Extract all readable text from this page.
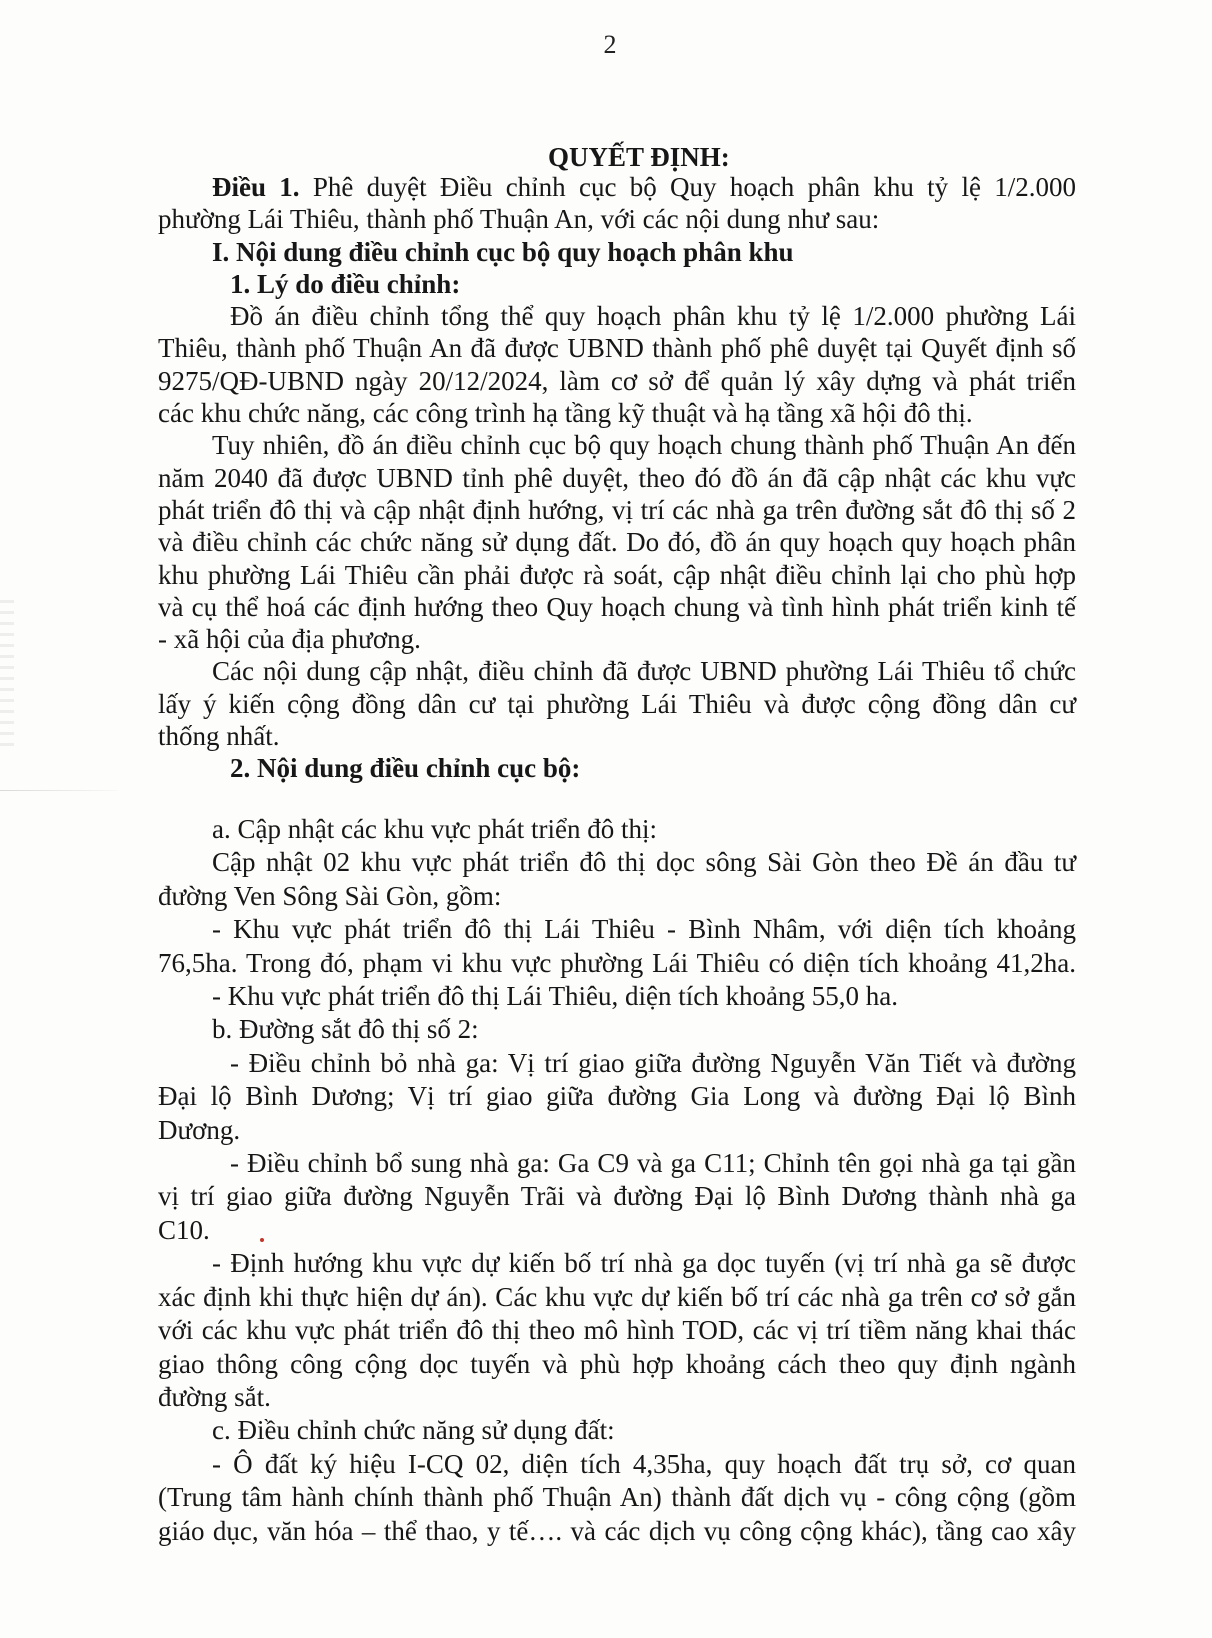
2
QUYẾT ĐỊNH:
Điều 1. Phê duyệt Điều chỉnh cục bộ Quy hoạch phân khu tỷ lệ 1/2.000
phường Lái Thiêu, thành phố Thuận An, với các nội dung như sau:
I. Nội dung điều chỉnh cục bộ quy hoạch phân khu
1. Lý do điều chỉnh:
Đồ án điều chỉnh tổng thể quy hoạch phân khu tỷ lệ 1/2.000 phường Lái
Thiêu, thành phố Thuận An đã được UBND thành phố phê duyệt tại Quyết định số
9275/QĐ-UBND ngày 20/12/2024, làm cơ sở để quản lý xây dựng và phát triển
các khu chức năng, các công trình hạ tầng kỹ thuật và hạ tầng xã hội đô thị.
Tuy nhiên, đồ án điều chỉnh cục bộ quy hoạch chung thành phố Thuận An đến
năm 2040 đã được UBND tỉnh phê duyệt, theo đó đồ án đã cập nhật các khu vực
phát triển đô thị và cập nhật định hướng, vị trí các nhà ga trên đường sắt đô thị số 2
và điều chỉnh các chức năng sử dụng đất. Do đó, đồ án quy hoạch quy hoạch phân
khu phường Lái Thiêu cần phải được rà soát, cập nhật điều chỉnh lại cho phù hợp
và cụ thể hoá các định hướng theo Quy hoạch chung và tình hình phát triển kinh tế
- xã hội của địa phương.
Các nội dung cập nhật, điều chỉnh đã được UBND phường Lái Thiêu tổ chức
lấy ý kiến cộng đồng dân cư tại phường Lái Thiêu và được cộng đồng dân cư
thống nhất.
2. Nội dung điều chỉnh cục bộ:
a. Cập nhật các khu vực phát triển đô thị:
Cập nhật 02 khu vực phát triển đô thị dọc sông Sài Gòn theo Đề án đầu tư
đường Ven Sông Sài Gòn, gồm:
- Khu vực phát triển đô thị Lái Thiêu - Bình Nhâm, với diện tích khoảng
76,5ha. Trong đó, phạm vi khu vực phường Lái Thiêu có diện tích khoảng 41,2ha.
- Khu vực phát triển đô thị Lái Thiêu, diện tích khoảng 55,0 ha.
b. Đường sắt đô thị số 2:
- Điều chỉnh bỏ nhà ga: Vị trí giao giữa đường Nguyễn Văn Tiết và đường
Đại lộ Bình Dương; Vị trí giao giữa đường Gia Long và đường Đại lộ Bình
Dương.
- Điều chỉnh bổ sung nhà ga: Ga C9 và ga C11; Chỉnh tên gọi nhà ga tại gần
vị trí giao giữa đường Nguyễn Trãi và đường Đại lộ Bình Dương thành nhà ga
C10.
- Định hướng khu vực dự kiến bố trí nhà ga dọc tuyến (vị trí nhà ga sẽ được
xác định khi thực hiện dự án). Các khu vực dự kiến bố trí các nhà ga trên cơ sở gắn
với các khu vực phát triển đô thị theo mô hình TOD, các vị trí tiềm năng khai thác
giao thông công cộng dọc tuyến và phù hợp khoảng cách theo quy định ngành
đường sắt.
c. Điều chỉnh chức năng sử dụng đất:
- Ô đất ký hiệu I-CQ 02, diện tích 4,35ha, quy hoạch đất trụ sở, cơ quan
(Trung tâm hành chính thành phố Thuận An) thành đất dịch vụ - công cộng (gồm
giáo dục, văn hóa – thể thao, y tế…. và các dịch vụ công cộng khác), tầng cao xây
